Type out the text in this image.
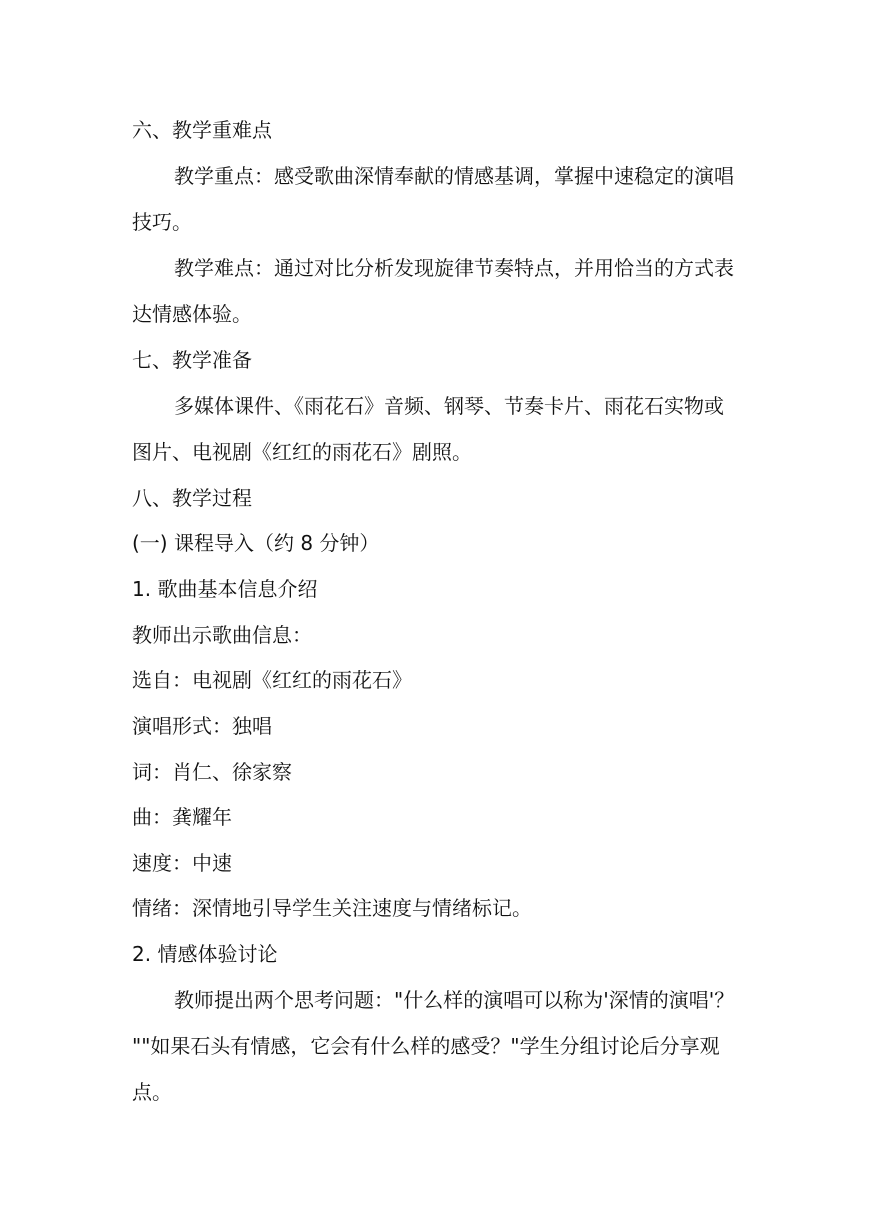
六、教学重难点
教学重点：感受歌曲深情奉献的情感基调，掌握中速稳定的演唱
技巧。
教学难点：通过对比分析发现旋律节奏特点，并用恰当的方式表
达情感体验。
七、教学准备
多媒体课件、《雨花石》音频、钢琴、节奏卡片、雨花石实物或
图片、电视剧《红红的雨花石》剧照。
八、教学过程
(一) 课程导入（约 8 分钟）
1. 歌曲基本信息介绍
教师出示歌曲信息：
选自：电视剧《红红的雨花石》
演唱形式：独唱
词：肖仁、徐家察
曲：龚耀年
速度：中速
情绪：深情地引导学生关注速度与情绪标记。
2. 情感体验讨论
教师提出两个思考问题："什么样的演唱可以称为'深情的演唱'？
""如果石头有情感，它会有什么样的感受？"学生分组讨论后分享观
点。
